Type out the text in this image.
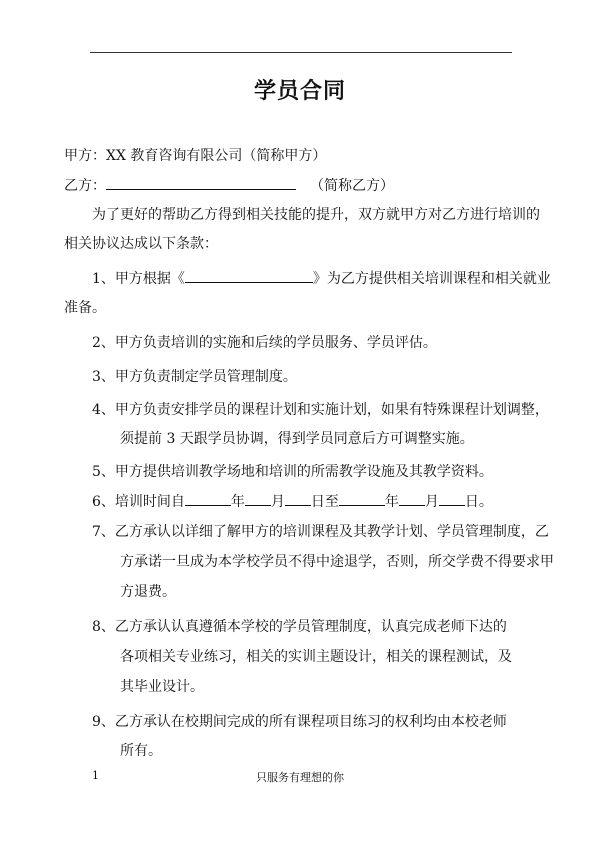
学员合同
甲方：XX 教育咨询有限公司（简称甲方）
乙方：	（简称乙方）
为了更好的帮助乙方得到相关技能的提升，双方就甲方对乙方进行培训的
相关协议达成以下条款：
1、甲方根据《	》为乙方提供相关培训课程和相关就业
准备。
2、甲方负责培训的实施和后续的学员服务、学员评估。
3、甲方负责制定学员管理制度。
4、甲方负责安排学员的课程计划和实施计划，如果有特殊课程计划调整，
须提前 3 天跟学员协调，得到学员同意后方可调整实施。
5、甲方提供培训教学场地和培训的所需教学设施及其教学资料。
6、培训时间自	年 月 日至	年 月 日。
7、乙方承认以详细了解甲方的培训课程及其教学计划、学员管理制度，乙
方承诺一旦成为本学校学员不得中途退学，否则，所交学费不得要求甲
方退费。
8、乙方承认认真遵循本学校的学员管理制度，认真完成老师下达的
各项相关专业练习，相关的实训主题设计，相关的课程测试，及
其毕业设计。
9、乙方承认在校期间完成的所有课程项目练习的权利均由本校老师
所有。
1	只服务有理想的你
